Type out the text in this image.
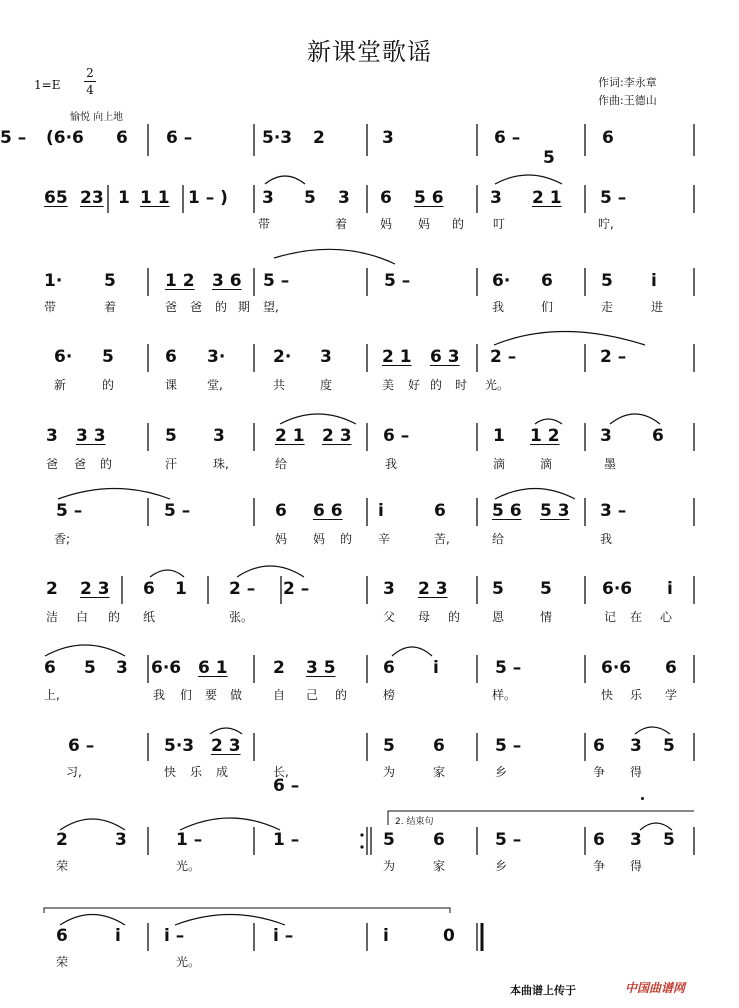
新课堂歌谣
1=E
2
4
愉悦 向上地
作词:李永章
作曲:王德山
(6·6 6 6 –	5·3 2	3	6 –
5
6
5 –
65 23 1 1 1 1 – ) 3 5 3 6 5 6	3 2 1 5 –
带	着	妈 妈 的 叮	咛,
1· 5	1 2 3 6 5 –	5 –	6· 6	5 i
带	着	爸 爸 的 期 望,	我	们	走	进
6· 5	6 3·	2· 3	2 1 6 3 2 –	2 –
新	的	课 堂,	共	度	美 好 的 时 光。
3 3 3	5 3	2 1 2 3 6 –	1 1 2 3 6
爸 爸 的	汗	珠,	给	我	滴	滴	墨
5 –	5 –	6 6 6 i	6	5 6 5 3 3 –
香;	妈 妈 的 辛	苦,	给	我
2 2 3 6 1 2 – 2 –	3 2 3	5 5	6·6 i
洁 白 的 纸	张。	父 母 的	恩	情	记 在 心
6 5 3 6·6 6 1	2 3 5	6 i	5 –	6·6 6
上,	我 们 要 做	自 己 的	榜	样。	快 乐 学
6 –	5·3 2 3
6 –
5 6	5 –	6 3 5
习,	快 乐 成	长,	为	家	乡	争 得
2	3	1 –	1 –	5 6	5 –	6 3 5
荣	光。	为	家	乡	争 得
6	i	i –	i –	i	0
荣	光。
2. 结束句
本曲谱上传于	中国曲谱网
